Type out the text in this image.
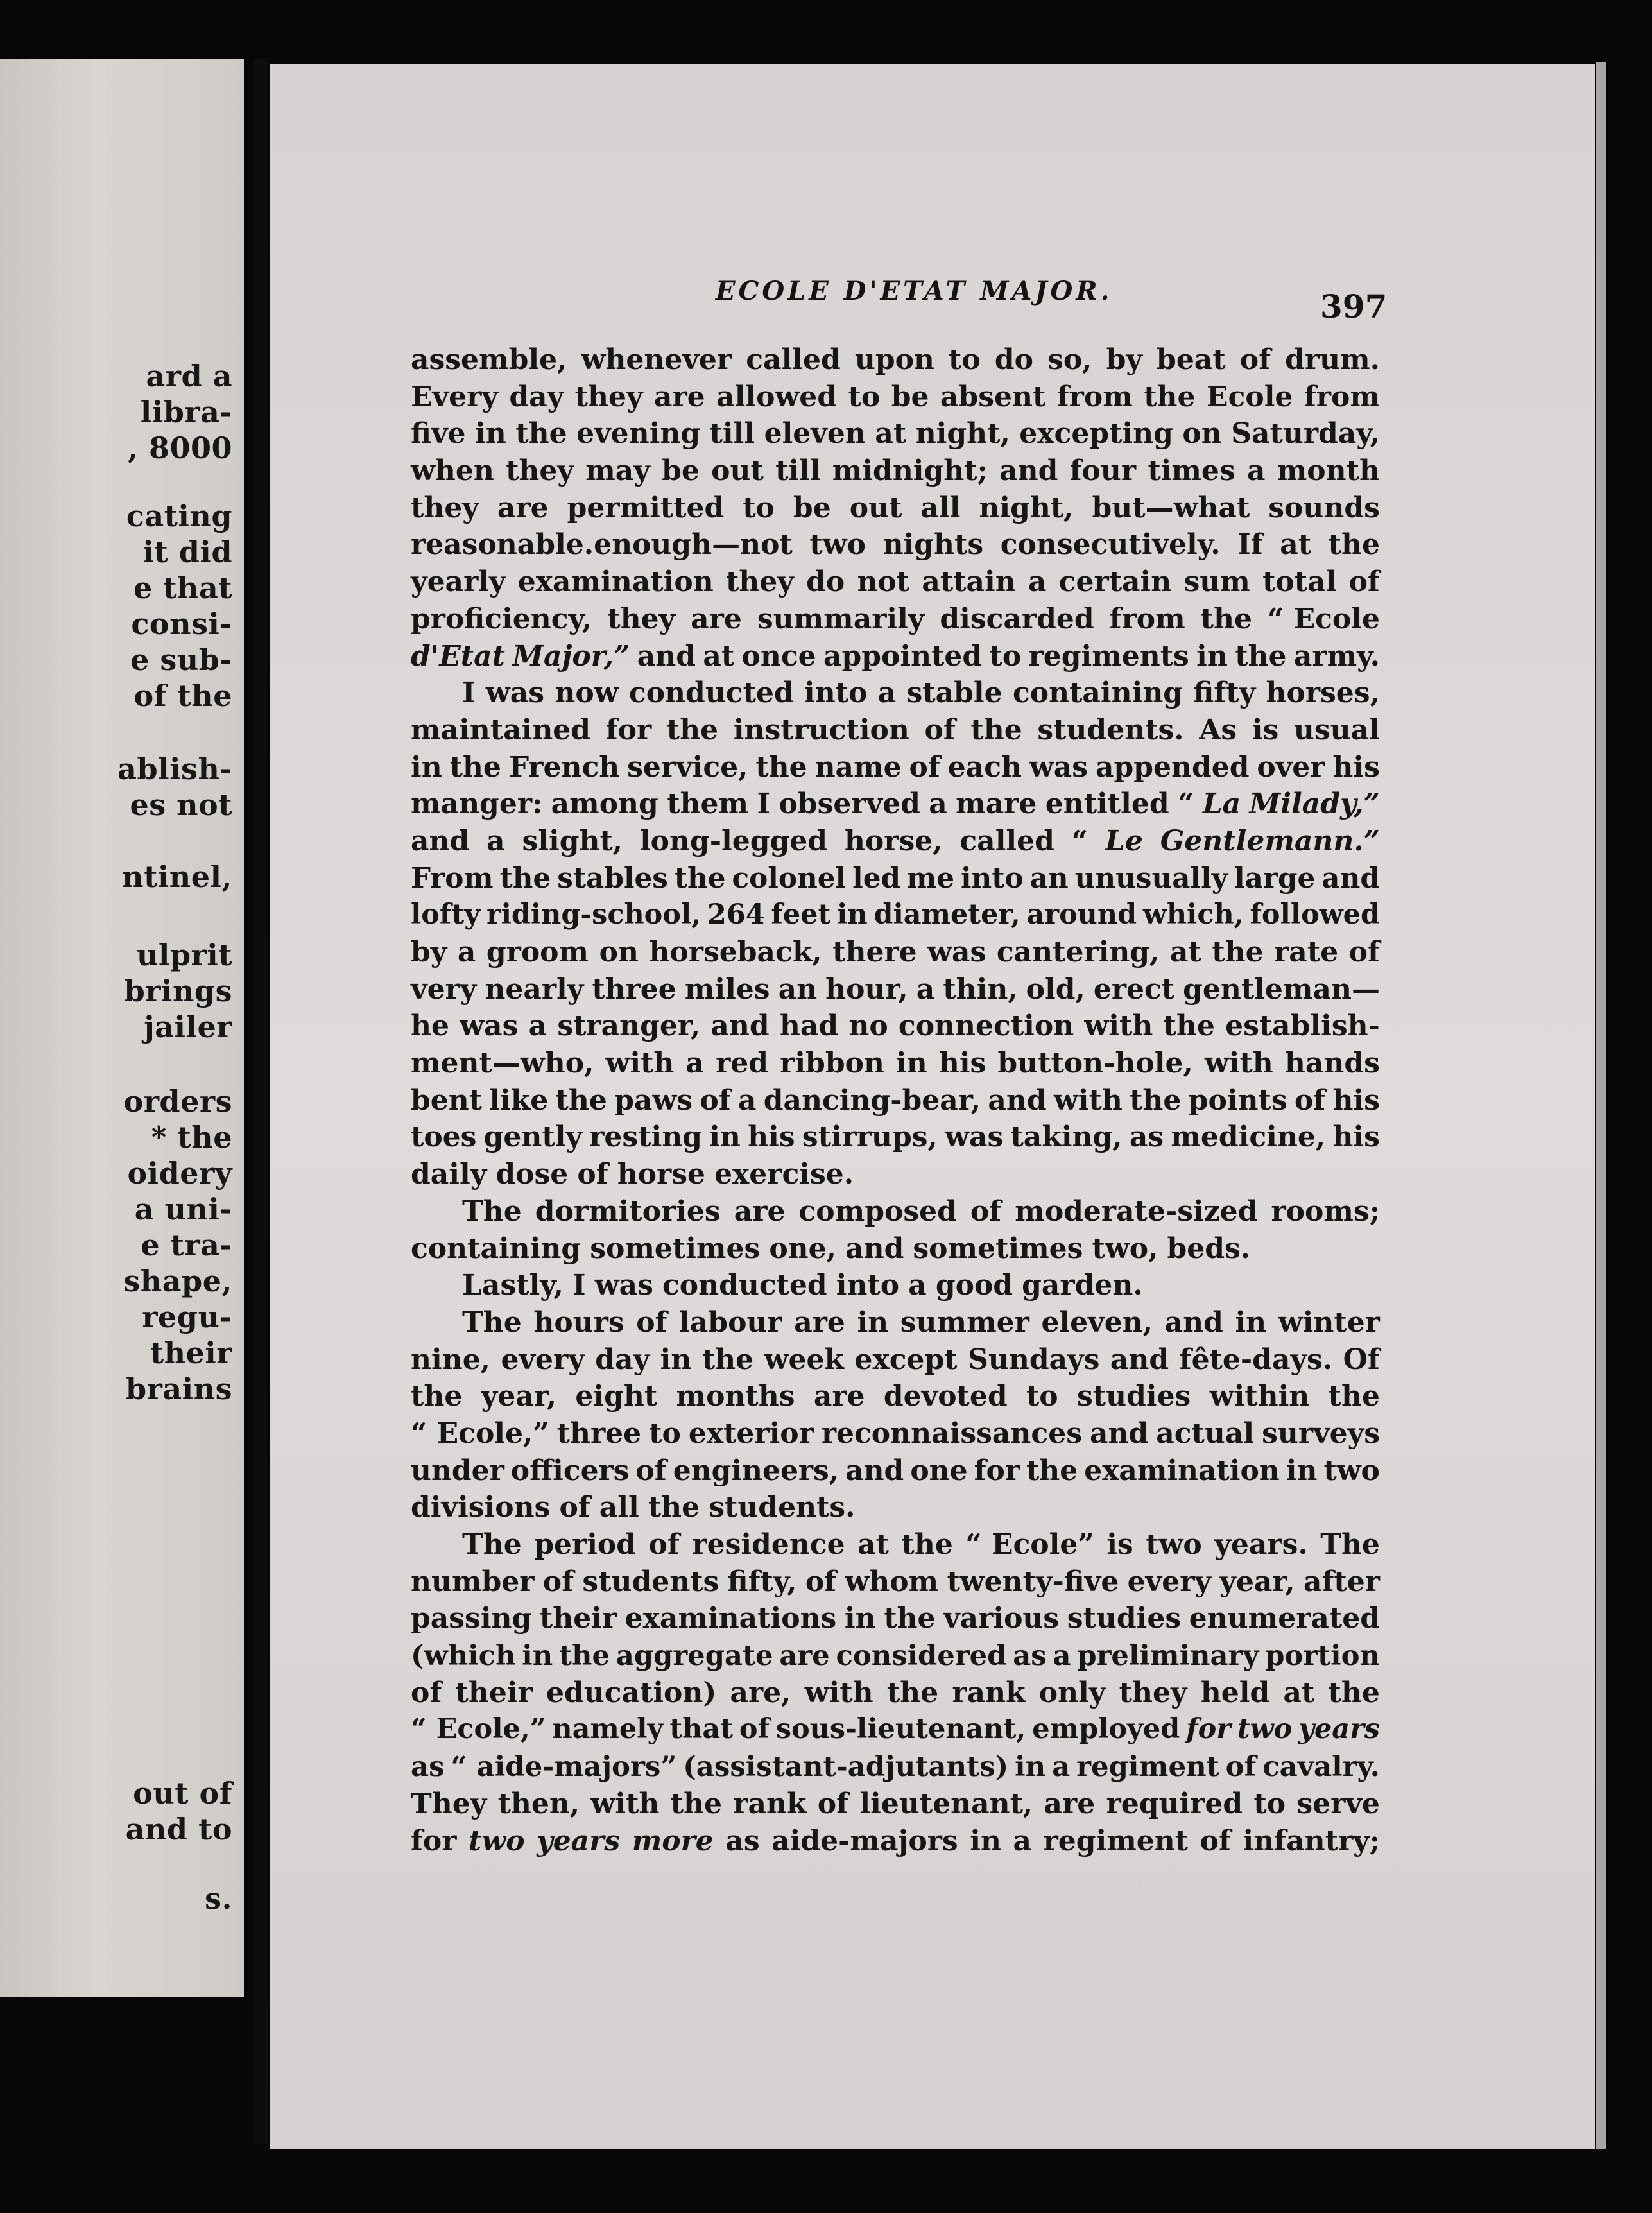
ard a
libra-
, 8000
cating
it did
e that
consi-
e sub-
of the
ablish-
es not
ntinel,
ulprit
brings
jailer
orders
* the
oidery
a uni-
e tra-
shape,
regu-
their
brains
out of
and to
s.
ECOLE D'ETAT MAJOR.	397
assemble, whenever called upon to do so, by beat of drum.
Every day they are allowed to be absent from the Ecole from
five in the evening till eleven at night, excepting on Saturday,
when they may be out till midnight; and four times a month
they are permitted to be out all night, but—what sounds
reasonable.enough—not two nights consecutively. If at the
yearly examination they do not attain a certain sum total of
proficiency, they are summarily discarded from the “ Ecole
d'Etat Major,” and at once appointed to regiments in the army.
I was now conducted into a stable containing fifty horses,
maintained for the instruction of the students. As is usual
in the French service, the name of each was appended over his
manger: among them I observed a mare entitled “ La Milady,”
and a slight, long-legged horse, called “ Le Gentlemann.”
From the stables the colonel led me into an unusually large and
lofty riding-school, 264 feet in diameter, around which, followed
by a groom on horseback, there was cantering, at the rate of
very nearly three miles an hour, a thin, old, erect gentleman—
he was a stranger, and had no connection with the establish-
ment—who, with a red ribbon in his button-hole, with hands
bent like the paws of a dancing-bear, and with the points of his
toes gently resting in his stirrups, was taking, as medicine, his
daily dose of horse exercise.
The dormitories are composed of moderate-sized rooms;
containing sometimes one, and sometimes two, beds.
Lastly, I was conducted into a good garden.
The hours of labour are in summer eleven, and in winter
nine, every day in the week except Sundays and fête-days. Of
the year, eight months are devoted to studies within the
“ Ecole,” three to exterior reconnaissances and actual surveys
under officers of engineers, and one for the examination in two
divisions of all the students.
The period of residence at the “ Ecole” is two years. The
number of students fifty, of whom twenty-five every year, after
passing their examinations in the various studies enumerated
(which in the aggregate are considered as a preliminary portion
of their education) are, with the rank only they held at the
“ Ecole,” namely that of sous-lieutenant, employed for two years
as “ aide-majors” (assistant-adjutants) in a regiment of cavalry.
They then, with the rank of lieutenant, are required to serve
for two years more as aide-majors in a regiment of infantry;
